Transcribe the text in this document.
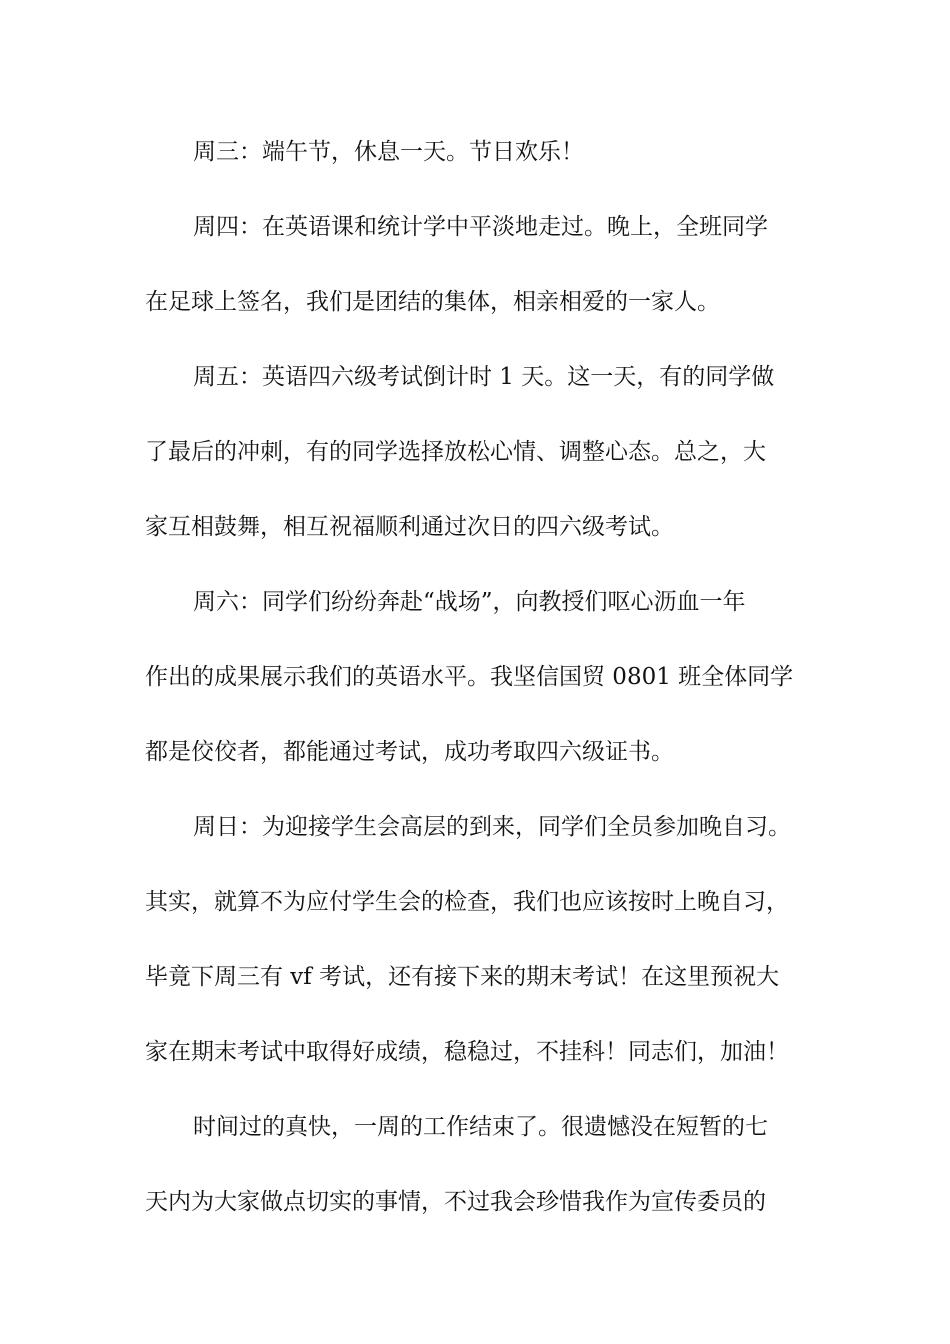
周三：端午节，休息一天。节日欢乐！
周四：在英语课和统计学中平淡地走过。晚上，全班同学
在足球上签名，我们是团结的集体，相亲相爱的一家人。
周五：英语四六级考试倒计时 1 天。这一天，有的同学做
了最后的冲刺，有的同学选择放松心情、调整心态。总之，大
家互相鼓舞，相互祝福顺利通过次日的四六级考试。
周六：同学们纷纷奔赴“战场”，向教授们呕心沥血一年
作出的成果展示我们的英语水平。我坚信国贸 0801 班全体同学
都是佼佼者，都能通过考试，成功考取四六级证书。
周日：为迎接学生会高层的到来，同学们全员参加晚自习。
其实，就算不为应付学生会的检查，我们也应该按时上晚自习，
毕竟下周三有 vf 考试，还有接下来的期末考试！在这里预祝大
家在期末考试中取得好成绩，稳稳过，不挂科！同志们，加油！
时间过的真快，一周的工作结束了。很遗憾没在短暂的七
天内为大家做点切实的事情，不过我会珍惜我作为宣传委员的
